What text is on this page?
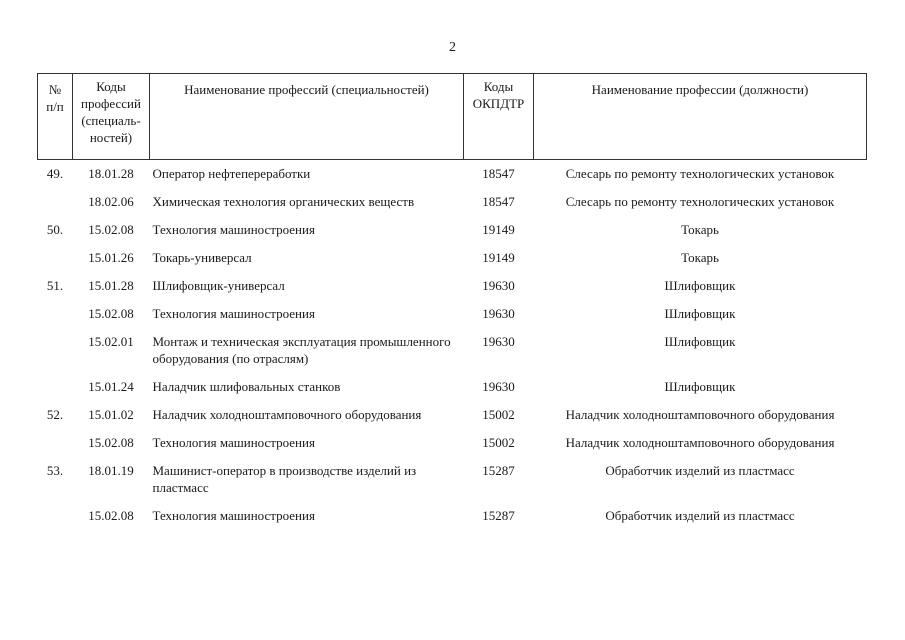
2
№
п/п	Коды
профессий
(специаль-
ностей)	Наименование профессий (специальностей)	Коды
ОКПДТР	Наименование профессии (должности)
49.	18.01.28	Оператор нефтепереработки	18547	Слесарь по ремонту технологических установок
	18.02.06	Химическая технология органических веществ	18547	Слесарь по ремонту технологических установок
50.	15.02.08	Технология машиностроения	19149	Токарь
	15.01.26	Токарь-универсал	19149	Токарь
51.	15.01.28	Шлифовщик-универсал	19630	Шлифовщик
	15.02.08	Технология машиностроения	19630	Шлифовщик
	15.02.01	Монтаж и техническая эксплуатация промышленного оборудования (по отраслям)	19630	Шлифовщик
	15.01.24	Наладчик шлифовальных станков	19630	Шлифовщик
52.	15.01.02	Наладчик холодноштамповочного оборудования	15002	Наладчик холодноштамповочного оборудования
	15.02.08	Технология машиностроения	15002	Наладчик холодноштамповочного оборудования
53.	18.01.19	Машинист-оператор в производстве изделий из пластмасс	15287	Обработчик изделий из пластмасс
	15.02.08	Технология машиностроения	15287	Обработчик изделий из пластмасс
